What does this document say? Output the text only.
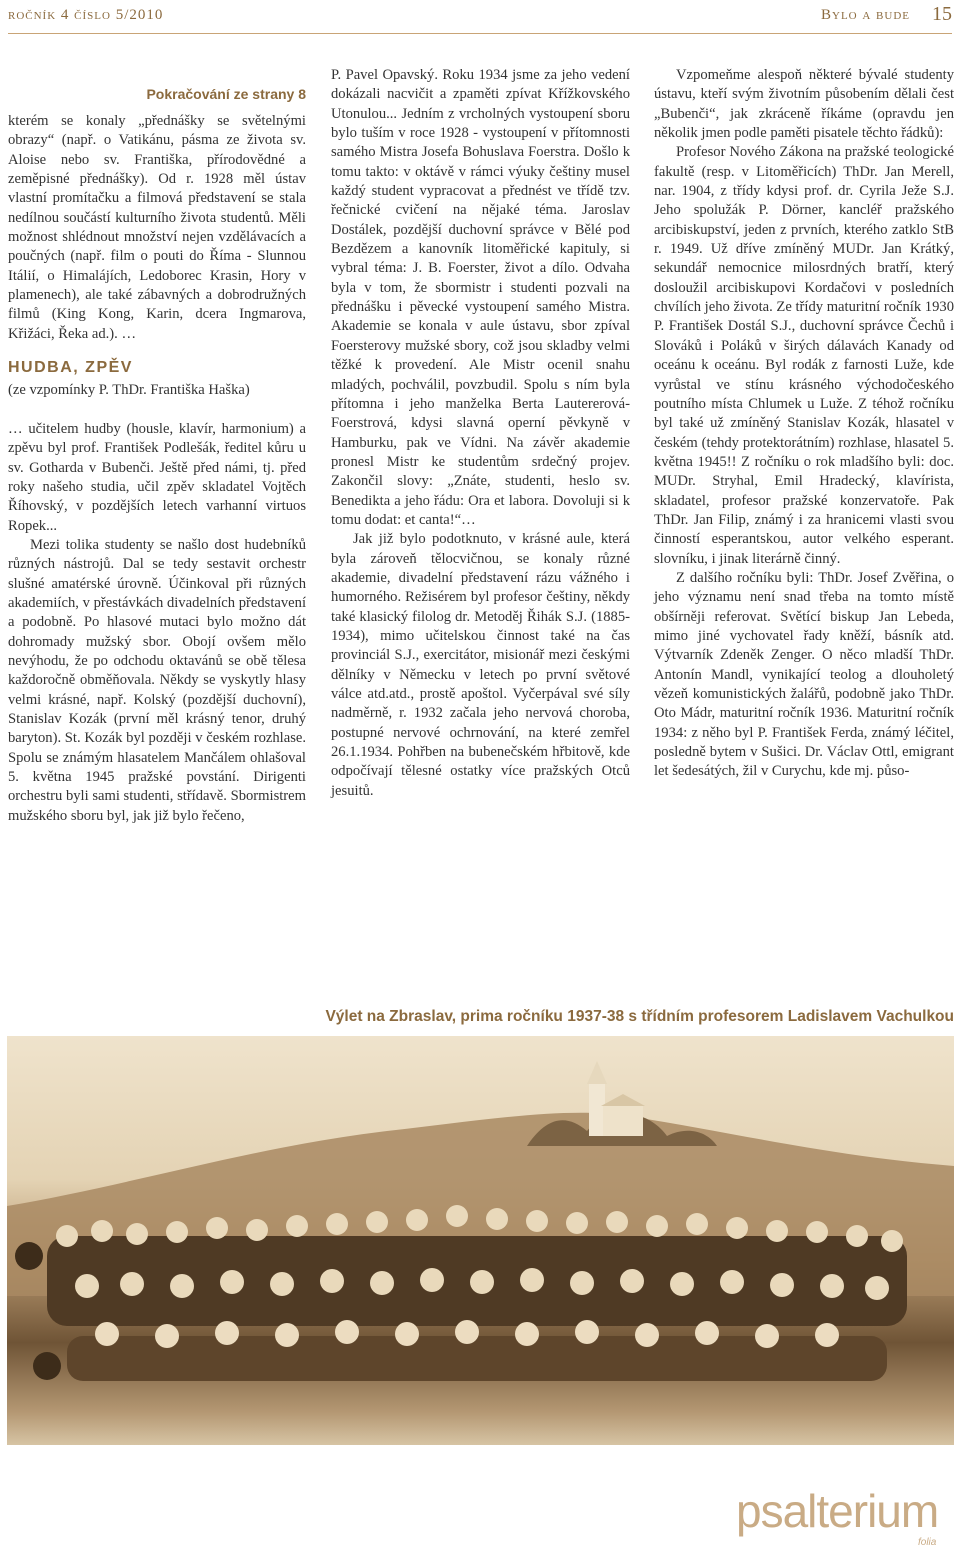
ročník 4 číslo 5/2010	Bylo a bude 15
Pokračování ze strany 8

kterém se konaly „přednášky se světelnými obrazy“ (např. o Vatikánu, pásma ze života sv. Aloise nebo sv. Františka, přírodovědné a zeměpisné přednášky). Od r. 1928 měl ústav vlastní promítačku a filmová představení se stala nedílnou součástí kulturního života studentů. Měli možnost shlédnout množství nejen vzdělávacích a poučných (např. film o pouti do Říma - Slunnou Itálií, o Himalájích, Ledoborec Krasin, Hory v plamenech), ale také zábavných a dobrodružných filmů (King Kong, Karin, dcera Ingmarova, Křižáci, Řeka ad.). …

HUDBA, ZPĚV

(ze vzpomínky P. ThDr. Františka Haška)

… učitelem hudby (housle, klavír, harmonium) a zpěvu byl prof. František Podlešák, ředitel kůru u sv. Gotharda v Bubenči. Ještě před námi, tj. před roky našeho studia, učil zpěv skladatel Vojtěch Říhovský, v pozdějších letech varhanní virtuos Ropek...

Mezi tolika studenty se našlo dost hudebníků různých nástrojů. Dal se tedy sestavit orchestr slušné amatérské úrovně. Účinkoval při různých akademiích, v přestávkách divadelních představení a podobně. Po hlasové mutaci bylo možno dát dohromady mužský sbor. Obojí ovšem mělo nevýhodu, že po odchodu oktavánů se obě tělesa každoročně obměňovala. Někdy se vyskytly hlasy velmi krásné, např. Kolský (pozdější duchovní), Stanislav Kozák (první měl krásný tenor, druhý baryton). St. Kozák byl později v českém rozhlase. Spolu se známým hlasatelem Mančálem ohlašoval 5. května 1945 pražské povstání. Dirigenti orchestru byli sami studenti, střídavě. Sbormistrem mužského sboru byl, jak již bylo řečeno,

P. Pavel Opavský. Roku 1934 jsme za jeho vedení dokázali nacvičit a zpaměti zpívat Křížkovského Utonulou... Jedním z vrcholných vystoupení sboru bylo tuším v roce 1928 - vystoupení v přítomnosti samého Mistra Josefa Bohuslava Foerstra. Došlo k tomu takto: v oktávě v rámci výuky češtiny musel každý student vypracovat a přednést ve třídě tzv. řečnické cvičení na nějaké téma. Jaroslav Dostálek, pozdější duchovní správce v Bělé pod Bezdězem a kanovník litoměřické kapituly, si vybral téma: J. B. Foerster, život a dílo. Odvaha byla v tom, že sbormistr i studenti pozvali na přednášku i pěvecké vystoupení samého Mistra. Akademie se konala v aule ústavu, sbor zpíval Foersterovy mužské sbory, což jsou skladby velmi těžké k provedení. Ale Mistr ocenil snahu mladých, pochválil, povzbudil. Spolu s ním byla přítomna i jeho manželka Berta Lautererová-Foerstrová, kdysi slavná operní pěvkyně v Hamburku, pak ve Vídni. Na závěr akademie pronesl Mistr ke studentům srdečný projev. Zakončil slovy: „Znáte, studenti, heslo sv. Benedikta a jeho řádu: Ora et labora. Dovoluji si k tomu dodat: et canta!“…

Jak již bylo podotknuto, v krásné aule, která byla zároveň tělocvičnou, se konaly různé akademie, divadelní představení rázu vážného i humorného. Režisérem byl profesor češtiny, někdy také klasický filolog dr. Metoděj Řihák S.J. (1885-1934), mimo učitelskou činnost také na čas provinciál S.J., exercitátor, misionář mezi českými dělníky v Německu v letech po první světové válce atd.atd., prostě apoštol. Vyčerpával své síly nadměrně, r. 1932 začala jeho nervová choroba, postupné nervové ochrnování, na které zemřel 26.1.1934. Pohřben na bubenečském hřbitově, kde odpočívají tělesné ostatky více pražských Otců jesuitů.

Vzpomeňme alespoň některé bývalé studenty ústavu, kteří svým životním působením dělali čest „Bubenči“, jak zkráceně říkáme (opravdu jen několik jmen podle paměti pisatele těchto řádků):

Profesor Nového Zákona na pražské teologické fakultě (resp. v Litoměřicích) ThDr. Jan Merell, nar. 1904, z třídy kdysi prof. dr. Cyrila Ježe S.J. Jeho spolužák P. Dörner, kancléř pražského arcibiskupství, jeden z prvních, kterého zatklo StB r. 1949. Už dříve zmíněný MUDr. Jan Krátký, sekundář nemocnice milosrdných bratří, který dosloužil arcibiskupovi Kordačovi v posledních chvílích jeho života. Ze třídy maturitní ročník 1930 P. František Dostál S.J., duchovní správce Čechů i Slováků i Poláků v širých dálavách Kanady od oceánu k oceánu. Byl rodák z farnosti Luže, kde vyrůstal ve stínu krásného východočeského poutního místa Chlumek u Luže. Z téhož ročníku byl také už zmíněný Stanislav Kozák, hlasatel v českém (tehdy protektorátním) rozhlase, hlasatel 5. května 1945!! Z ročníku o rok mladšího byli: doc. MUDr. Stryhal, Emil Hradecký, klavírista, skladatel, profesor pražské konzervatoře. Pak ThDr. Jan Filip, známý i za hranicemi vlasti svou činností esperantskou, autor velkého esperant. slovníku, i jinak literárně činný.

Z dalšího ročníku byli: ThDr. Josef Zvěřina, o jeho významu není snad třeba na tomto místě obšírněji referovat. Světící biskup Jan Lebeda, mimo jiné vychovatel řady kněží, básník atd. Výtvarník Zdeněk Zenger. O něco mladší ThDr. Antonín Mandl, vynikající teolog a dlouholetý vězeň komunistických žalářů, podobně jako ThDr. Oto Mádr, maturitní ročník 1936. Maturitní ročník 1934: z něho byl P. František Ferda, známý léčitel, posledně bytem v Sušici. Dr. Václav Ottl, emigrant let šedesátých, žil v Curychu, kde mj. půso-

Výlet na Zbraslav, prima ročníku 1937-38 s třídním profesorem Ladislavem Vachulkou
psalterium
folia
